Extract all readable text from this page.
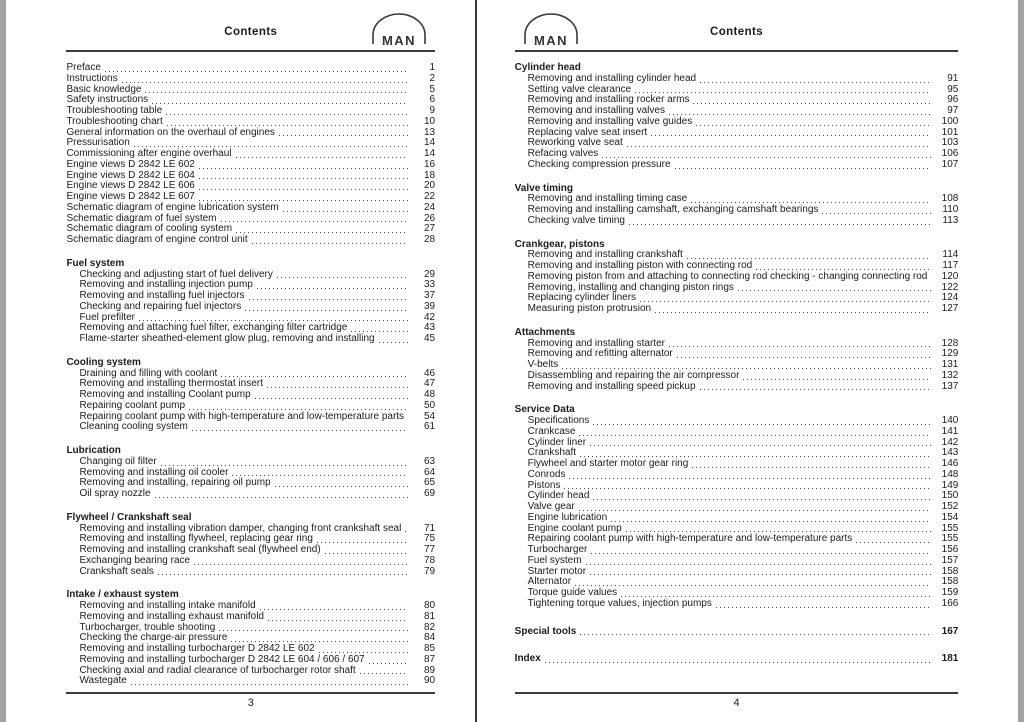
Contents
MAN
Preface	1
Instructions	2
Basic knowledge	5
Safety instructions	6
Troubleshooting table	9
Troubleshooting chart	10
General information on the overhaul of engines	13
Pressurisation	14
Commissioning after engine overhaul	14
Engine views D 2842 LE 602	16
Engine views D 2842 LE 604	18
Engine views D 2842 LE 606	20
Engine views D 2842 LE 607	22
Schematic diagram of engine lubrication system	24
Schematic diagram of fuel system	26
Schematic diagram of cooling system	27
Schematic diagram of engine control unit	28
Fuel system
Checking and adjusting start of fuel delivery	29
Removing and installing injection pump	33
Removing and installing fuel injectors	37
Checking and repairing fuel injectors	39
Fuel prefilter	42
Removing and attaching fuel filter, exchanging filter cartridge	43
Flame-starter sheathed-element glow plug, removing and installing	45
Cooling system
Draining and filling with coolant	46
Removing and installing thermostat insert	47
Removing and installing Coolant pump	48
Repairing coolant pump	50
Repairing coolant pump with high-temperature and low-temperature parts	54
Cleaning cooling system	61
Lubrication
Changing oil filter	63
Removing and installing oil cooler	64
Removing and installing, repairing oil pump	65
Oil spray nozzle	69
Flywheel / Crankshaft seal
Removing and installing vibration damper, changing front crankshaft seal	71
Removing and installing flywheel, replacing gear ring	75
Removing and installing crankshaft seal (flywheel end)	77
Exchanging bearing race	78
Crankshaft seals	79
Intake / exhaust system
Removing and installing intake manifold	80
Removing and installing exhaust manifold	81
Turbocharger, trouble shooting	82
Checking the charge-air pressure	84
Removing and installing turbocharger D 2842 LE 602	85
Removing and installing turbocharger D 2842 LE 604 / 606 / 607	87
Checking axial and radial clearance of turbocharger rotor shaft	89
Wastegate	90
3
Contents
MAN
Cylinder head
Removing and installing cylinder head	91
Setting valve clearance	95
Removing and installing rocker arms	96
Removing and installing valves	97
Removing and installing valve guides	100
Replacing valve seat insert	101
Reworking valve seat	103
Refacing valves	106
Checking compression pressure	107
Valve timing
Removing and installing timing case	108
Removing and installing camshaft, exchanging camshaft bearings	110
Checking valve timing	113
Crankgear, pistons
Removing and installing crankshaft	114
Removing and installing piston with connecting rod	117
Removing piston from and attaching to connecting rod checking - changing connecting rod	120
Removing, installing and changing piston rings	122
Replacing cylinder liners	124
Measuring piston protrusion	127
Attachments
Removing and installing starter	128
Removing and refitting alternator	129
V-belts	131
Disassembling and repairing the air compressor	132
Removing and installing speed pickup	137
Service Data
Specifications	140
Crankcase	141
Cylinder liner	142
Crankshaft	143
Flywheel and starter motor gear ring	146
Conrods	148
Pistons	149
Cylinder head	150
Valve gear	152
Engine lubrication	154
Engine coolant pump	155
Repairing coolant pump with high-temperature and low-temperature parts	155
Turbocharger	156
Fuel system	157
Starter motor	158
Alternator	158
Torque guide values	159
Tightening torque values, injection pumps	166
Special tools	167
Index	181
4
